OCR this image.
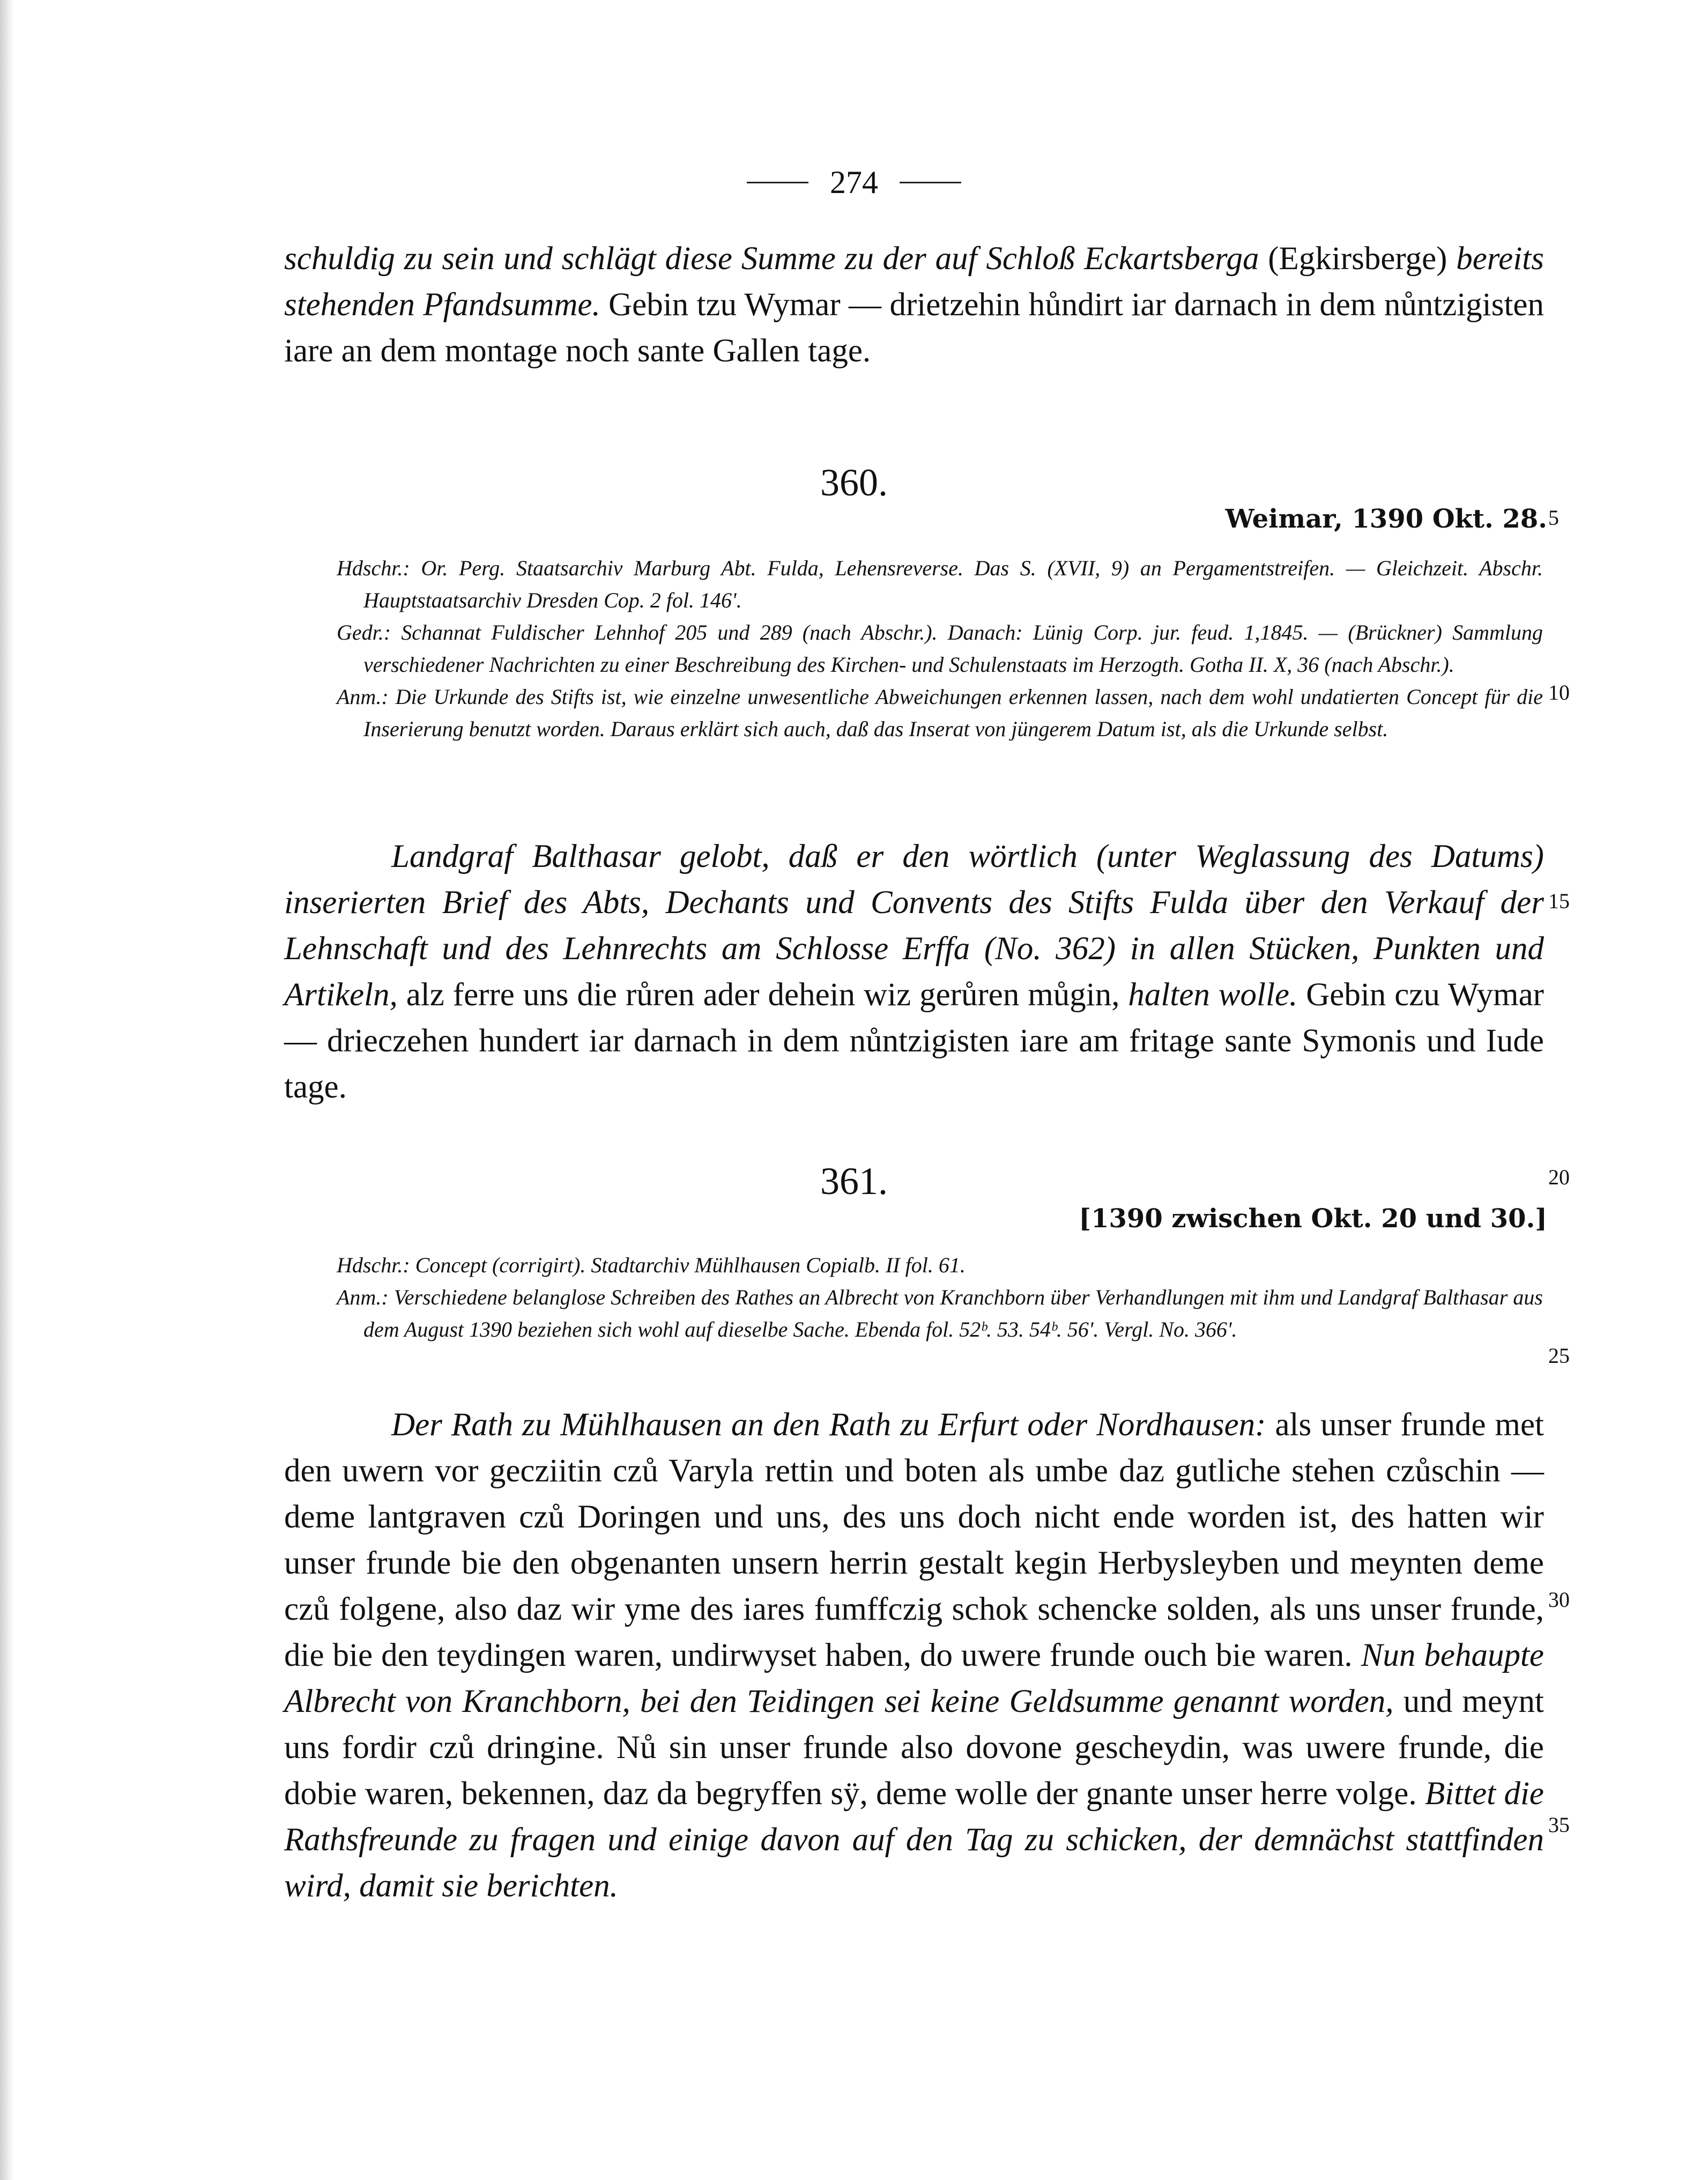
274

schuldig zu sein und schlägt diese Summe zu der auf Schloß Eckartsberga (Egkirsberge) bereits stehenden Pfandsumme. Gebin tzu Wymar — drietzehin hůndirt iar darnach in dem nůntzigisten iare an dem montage noch sante Gallen tage.

360.
Weimar, 1390 Okt. 28.

Hdschr.: Or. Perg. Staatsarchiv Marburg Abt. Fulda, Lehensreverse. Das S. (XVII, 9) an Pergamentstreifen. — Gleichzeit. Abschr. Hauptstaatsarchiv Dresden Cop. 2 fol. 146'.

Gedr.: Schannat Fuldischer Lehnhof 205 und 289 (nach Abschr.). Danach: Lünig Corp. jur. feud. 1,1845. — (Brückner) Sammlung verschiedener Nachrichten zu einer Beschreibung des Kirchen- und Schulenstaats im Herzogth. Gotha II. X, 36 (nach Abschr.).

Anm.: Die Urkunde des Stifts ist, wie einzelne unwesentliche Abweichungen erkennen lassen, nach dem wohl undatierten Concept für die Inserierung benutzt worden. Daraus erklärt sich auch, daß das Inserat von jüngerem Datum ist, als die Urkunde selbst.

Landgraf Balthasar gelobt, daß er den wörtlich (unter Weglassung des Datums) inserierten Brief des Abts, Dechants und Convents des Stifts Fulda über den Verkauf der Lehnschaft und des Lehnrechts am Schlosse Erffa (No. 362) in allen Stücken, Punkten und Artikeln, alz ferre uns die růren ader dehein wiz gerůren můgin, halten wolle. Gebin czu Wymar — drieczehen hundert iar darnach in dem nůntzigisten iare am fritage sante Symonis und Iude tage.

361.
[1390 zwischen Okt. 20 und 30.]

Hdschr.: Concept (corrigirt). Stadtarchiv Mühlhausen Copialb. II fol. 61.

Anm.: Verschiedene belanglose Schreiben des Rathes an Albrecht von Kranchborn über Verhandlungen mit ihm und Landgraf Balthasar aus dem August 1390 beziehen sich wohl auf dieselbe Sache. Ebenda fol. 52ᵇ. 53. 54ᵇ. 56'. Vergl. No. 366'.

Der Rath zu Mühlhausen an den Rath zu Erfurt oder Nordhausen: als unser frunde met den uwern vor gecziitin czů Varyla rettin und boten als umbe daz gutliche stehen czůschin — deme lantgraven czů Doringen und uns, des uns doch nicht ende worden ist, des hatten wir unser frunde bie den obgenanten unsern herrin gestalt kegin Herbysleyben und meynten deme czů folgene, also daz wir yme des iares fumffczig schok schencke solden, als uns unser frunde, die bie den teydingen waren, undirwyset haben, do uwere frunde ouch bie waren. Nun behaupte Albrecht von Kranchborn, bei den Teidingen sei keine Geldsumme genannt worden, und meynt uns fordir czů dringine. Nů sin unser frunde also dovone gescheydin, was uwere frunde, die dobie waren, bekennen, daz da begryffen sÿ, deme wolle der gnante unser herre volge. Bittet die Rathsfreunde zu fragen und einige davon auf den Tag zu schicken, der demnächst stattfinden wird, damit sie berichten.

5
10
15
20
25
30
35
